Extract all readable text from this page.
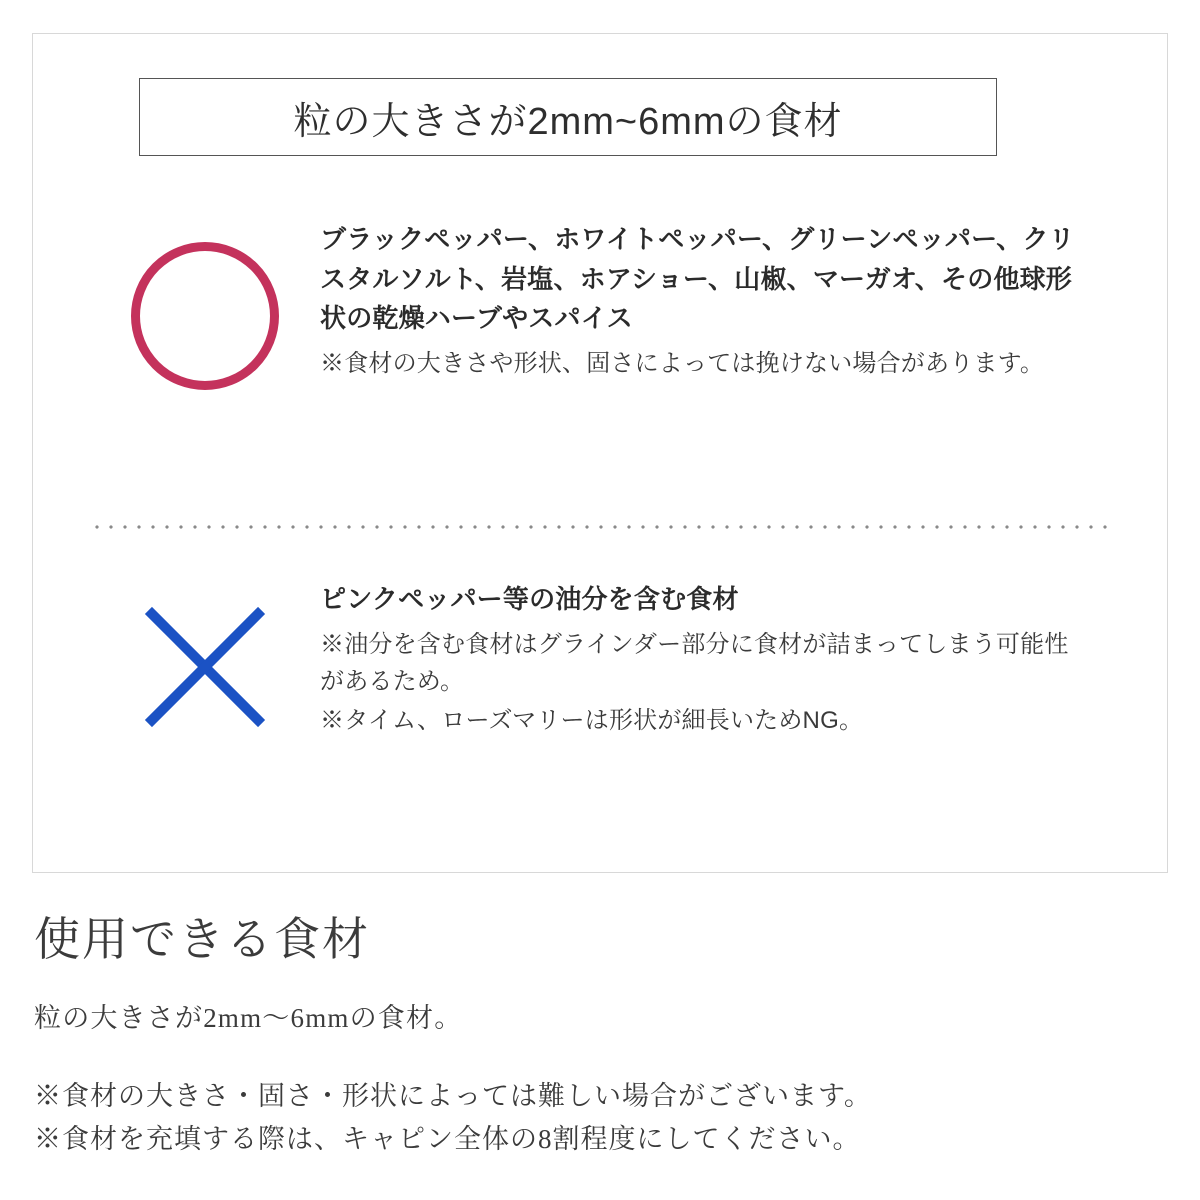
粒の大きさが2mm~6mmの食材
ブラックペッパー、ホワイトペッパー、グリーンペッパー、クリスタルソルト、岩塩、ホアショー、山椒、マーガオ、その他球形状の乾燥ハーブやスパイス
※食材の大きさや形状、固さによっては挽けない場合があります。
ピンクペッパー等の油分を含む食材
※油分を含む食材はグラインダー部分に食材が詰まってしまう可能性があるため。
※タイム、ローズマリーは形状が細長いためNG。
使用できる食材
粒の大きさが2mm〜6mmの食材。
※食材の大きさ・固さ・形状によっては難しい場合がございます。
※食材を充填する際は、キャピン全体の8割程度にしてください。
